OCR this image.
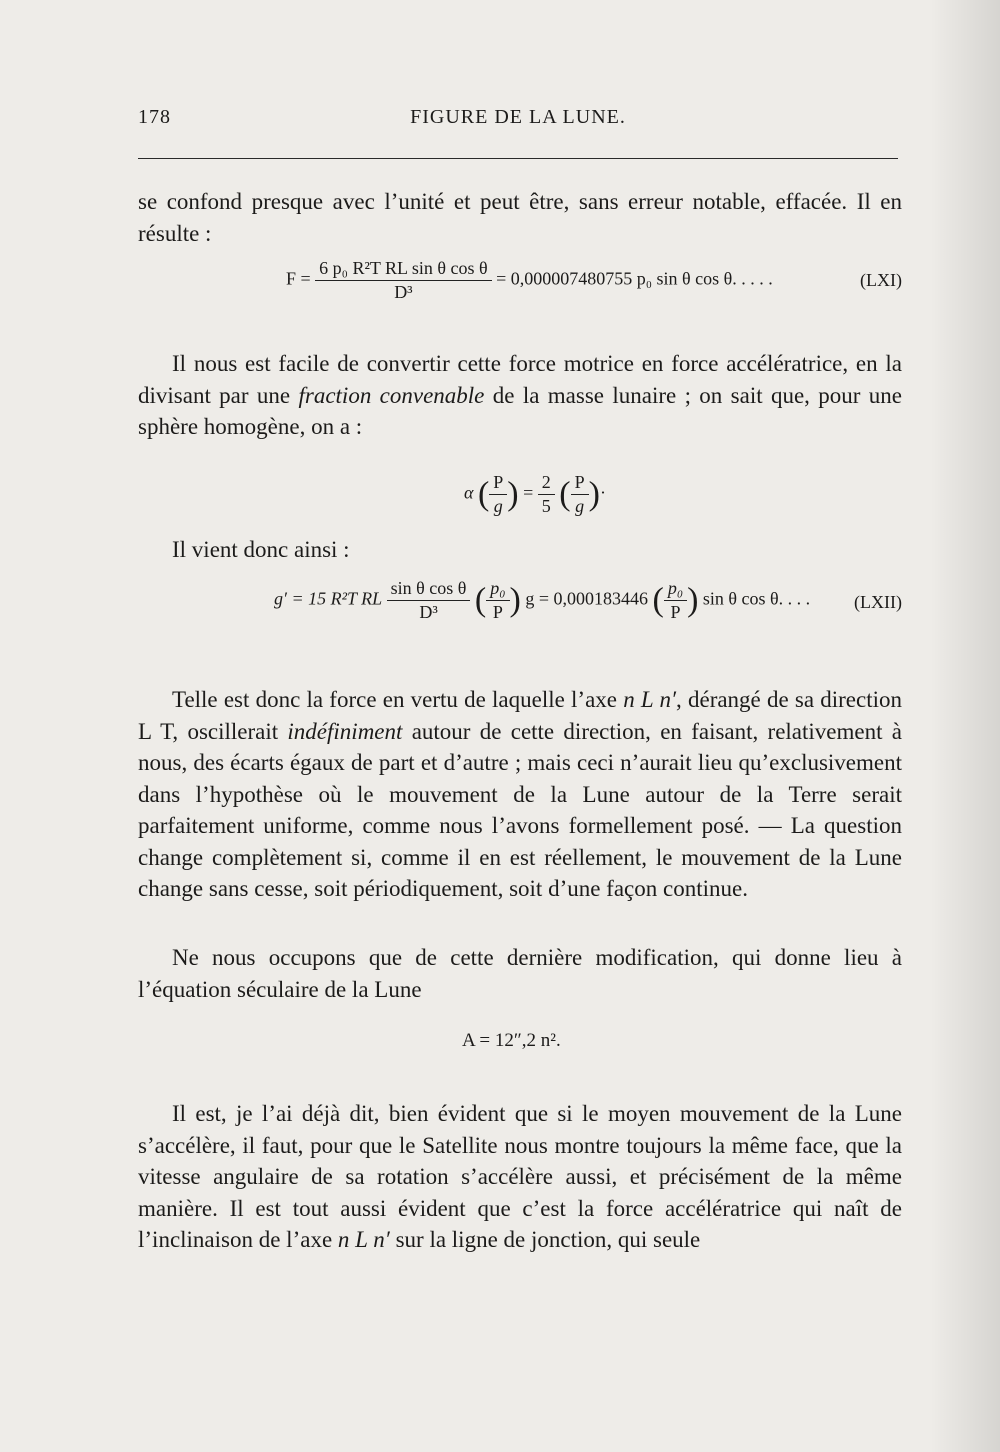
178	FIGURE DE LA LUNE.
se confond presque avec l’unité et peut être, sans erreur notable, effacée. Il en résulte :
$F = \frac{\text{6 p₀ R²T RL sin θ cos θ}}{\text{D³}} = 0,000007480755$ p₀ sin θ cos θ. . . . .	(LXI)
Il nous est facile de convertir cette force motrice en force accélératrice, en la divisant par une fraction convenable de la masse lunaire ; on sait que, pour une sphère homogène, on a :
α ( $\frac{P}{g}$ ) = $\frac{2}{5}$ ( $\frac{P}{g}$ )·
Il vient donc ainsi :
g′ = 15 R²T RL $\frac{\text{sin θ cos θ}}{\text{D³}}$ ( $\frac{\text{p₀}}{P}$ ) g = 0,000183446 ( $\frac{\text{p₀}}{P}$ ) sin θ cos θ. . . . (LXII)
Telle est donc la force en vertu de laquelle l’axe n L n′, dérangé de sa direction L T, oscillerait indéfiniment autour de cette direction, en faisant, relativement à nous, des écarts égaux de part et d’autre ; mais ceci n’aurait lieu qu’exclusivement dans l’hypothèse où le mouvement de la Lune autour de la Terre serait parfaitement uniforme, comme nous l’avons formellement posé. — La question change complètement si, comme il en est réellement, le mouvement de la Lune change sans cesse, soit périodiquement, soit d’une façon continue.
Ne nous occupons que de cette dernière modification, qui donne lieu à l’équation séculaire de la Lune
A = 12″,2 n².
Il est, je l’ai déjà dit, bien évident que si le moyen mouvement de la Lune s’accélère, il faut, pour que le Satellite nous montre toujours la même face, que la vitesse angulaire de sa rotation s’accélère aussi, et précisément de la même manière. Il est tout aussi évident que c’est la force accélératrice qui naît de l’inclinaison de l’axe n L n′ sur la ligne de jonction, qui seule
